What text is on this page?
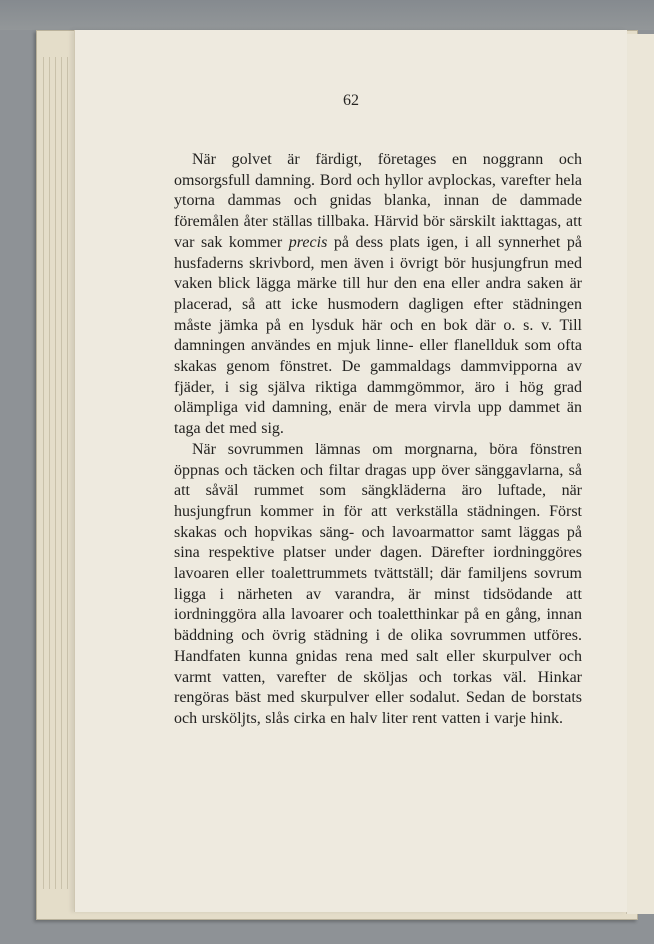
62

När golvet är färdigt, företages en noggrann och omsorgsfull damning. Bord och hyllor avplockas, varefter hela ytorna dammas och gnidas blanka, innan de dammade föremålen åter ställas tillbaka. Härvid bör särskilt iakttagas, att var sak kommer precis på dess plats igen, i all synnerhet på husfaderns skrivbord, men även i övrigt bör husjungfrun med vaken blick lägga märke till hur den ena eller andra saken är placerad, så att icke husmodern dagligen efter städningen måste jämka på en lysduk här och en bok där o. s. v. Till damningen användes en mjuk linne- eller flanellduk som ofta skakas genom fönstret. De gammaldags dammvipporna av fjäder, i sig själva riktiga dammgömmor, äro i hög grad olämpliga vid damning, enär de mera virvla upp dammet än taga det med sig.

När sovrummen lämnas om morgnarna, böra fönstren öppnas och täcken och filtar dragas upp över sänggavlarna, så att såväl rummet som sängkläderna äro luftade, när husjungfrun kommer in för att verkställa städningen. Först skakas och hopvikas säng- och lavoarmattor samt läggas på sina respektive platser under dagen. Därefter iordninggöres lavoaren eller toalettrummets tvättställ; där familjens sovrum ligga i närheten av varandra, är minst tidsödande att iordninggöra alla lavoarer och toaletthinkar på en gång, innan bäddning och övrig städning i de olika sovrummen utföres. Handfaten kunna gnidas rena med salt eller skurpulver och varmt vatten, varefter de sköljas och torkas väl. Hinkar rengöras bäst med skurpulver eller sodalut. Sedan de borstats och ursköljts, slås cirka en halv liter rent vatten i varje hink.
